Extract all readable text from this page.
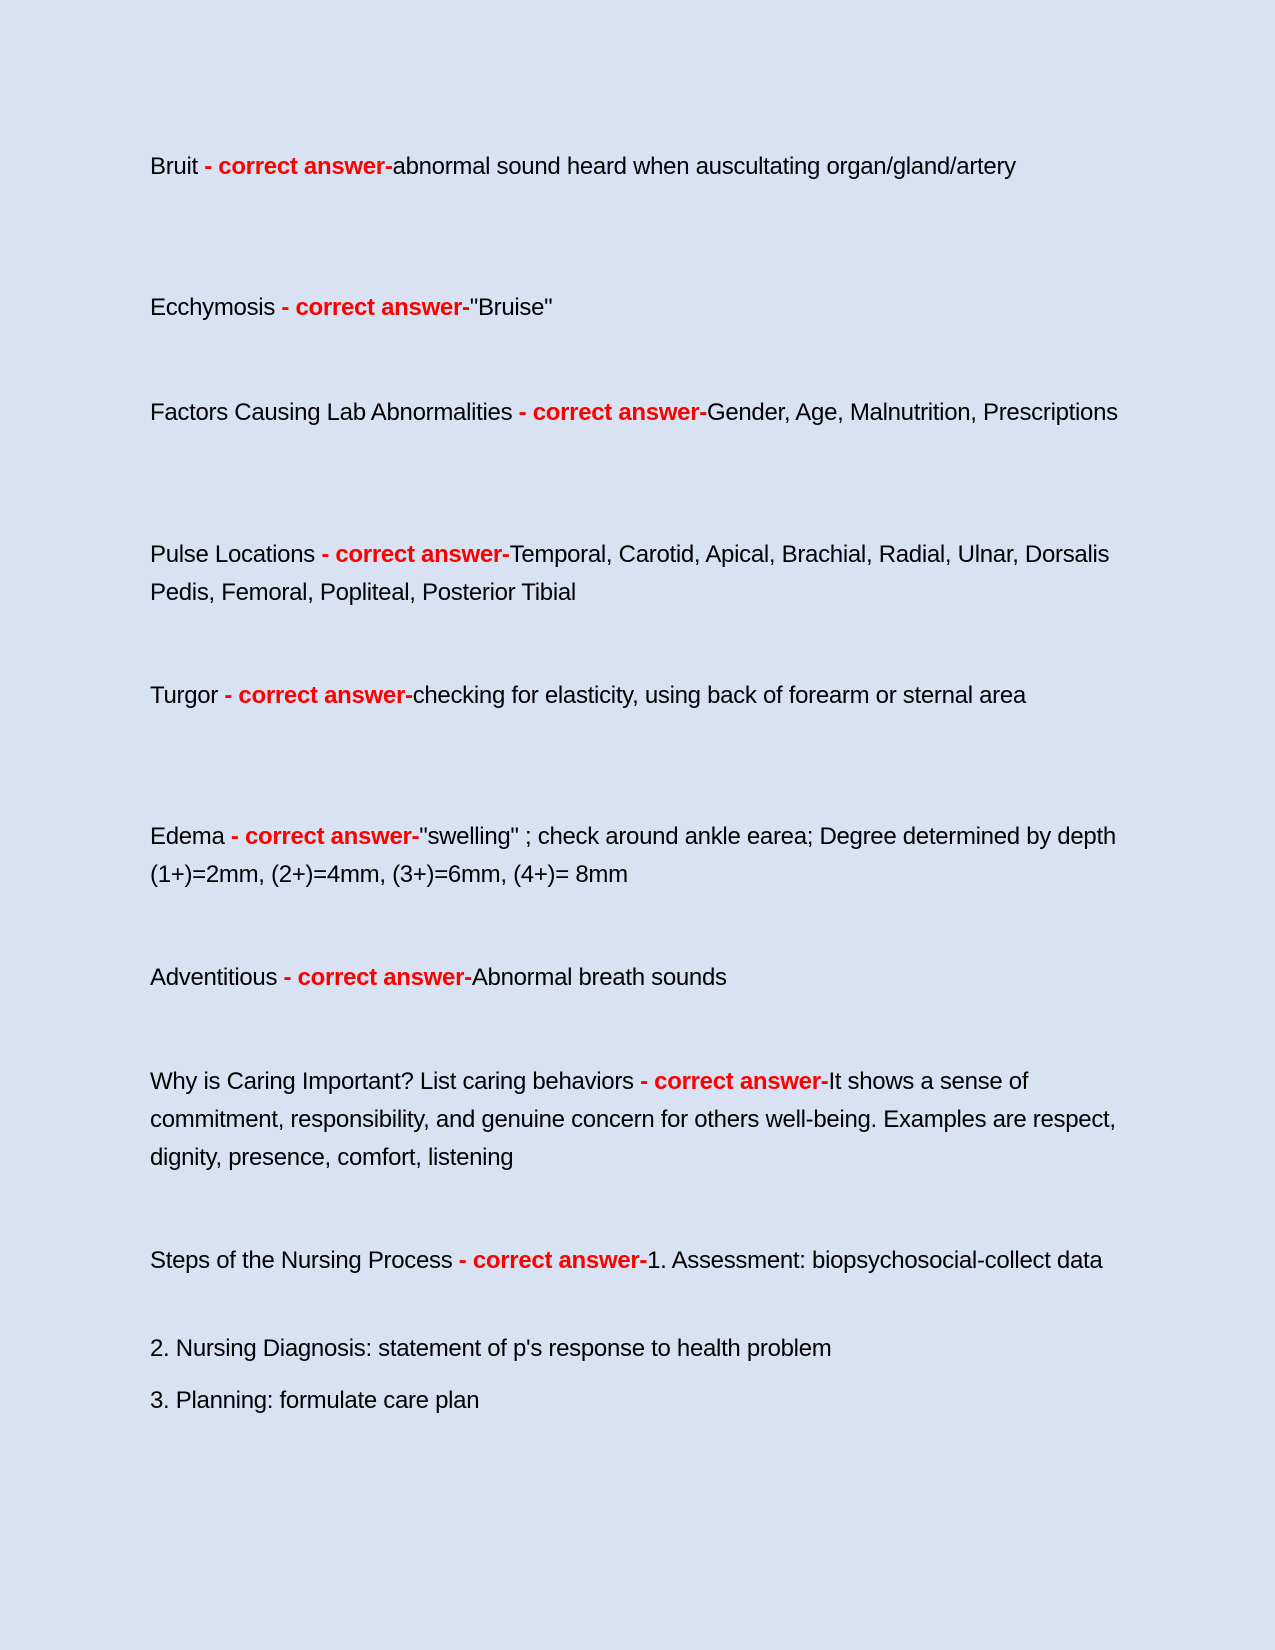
Bruit - correct answer-abnormal sound heard when auscultating organ/gland/artery
Ecchymosis - correct answer-"Bruise"
Factors Causing Lab Abnormalities - correct answer-Gender, Age, Malnutrition, Prescriptions
Pulse Locations - correct answer-Temporal, Carotid, Apical, Brachial, Radial, Ulnar, Dorsalis Pedis, Femoral, Popliteal, Posterior Tibial
Turgor - correct answer-checking for elasticity, using back of forearm or sternal area
Edema - correct answer-"swelling" ; check around ankle earea; Degree determined by depth (1+)=2mm, (2+)=4mm, (3+)=6mm, (4+)= 8mm
Adventitious - correct answer-Abnormal breath sounds
Why is Caring Important? List caring behaviors - correct answer-It shows a sense of commitment, responsibility, and genuine concern for others well-being. Examples are respect, dignity, presence, comfort, listening
Steps of the Nursing Process - correct answer-1. Assessment: biopsychosocial-collect data
2. Nursing Diagnosis: statement of p's response to health problem
3. Planning: formulate care plan
